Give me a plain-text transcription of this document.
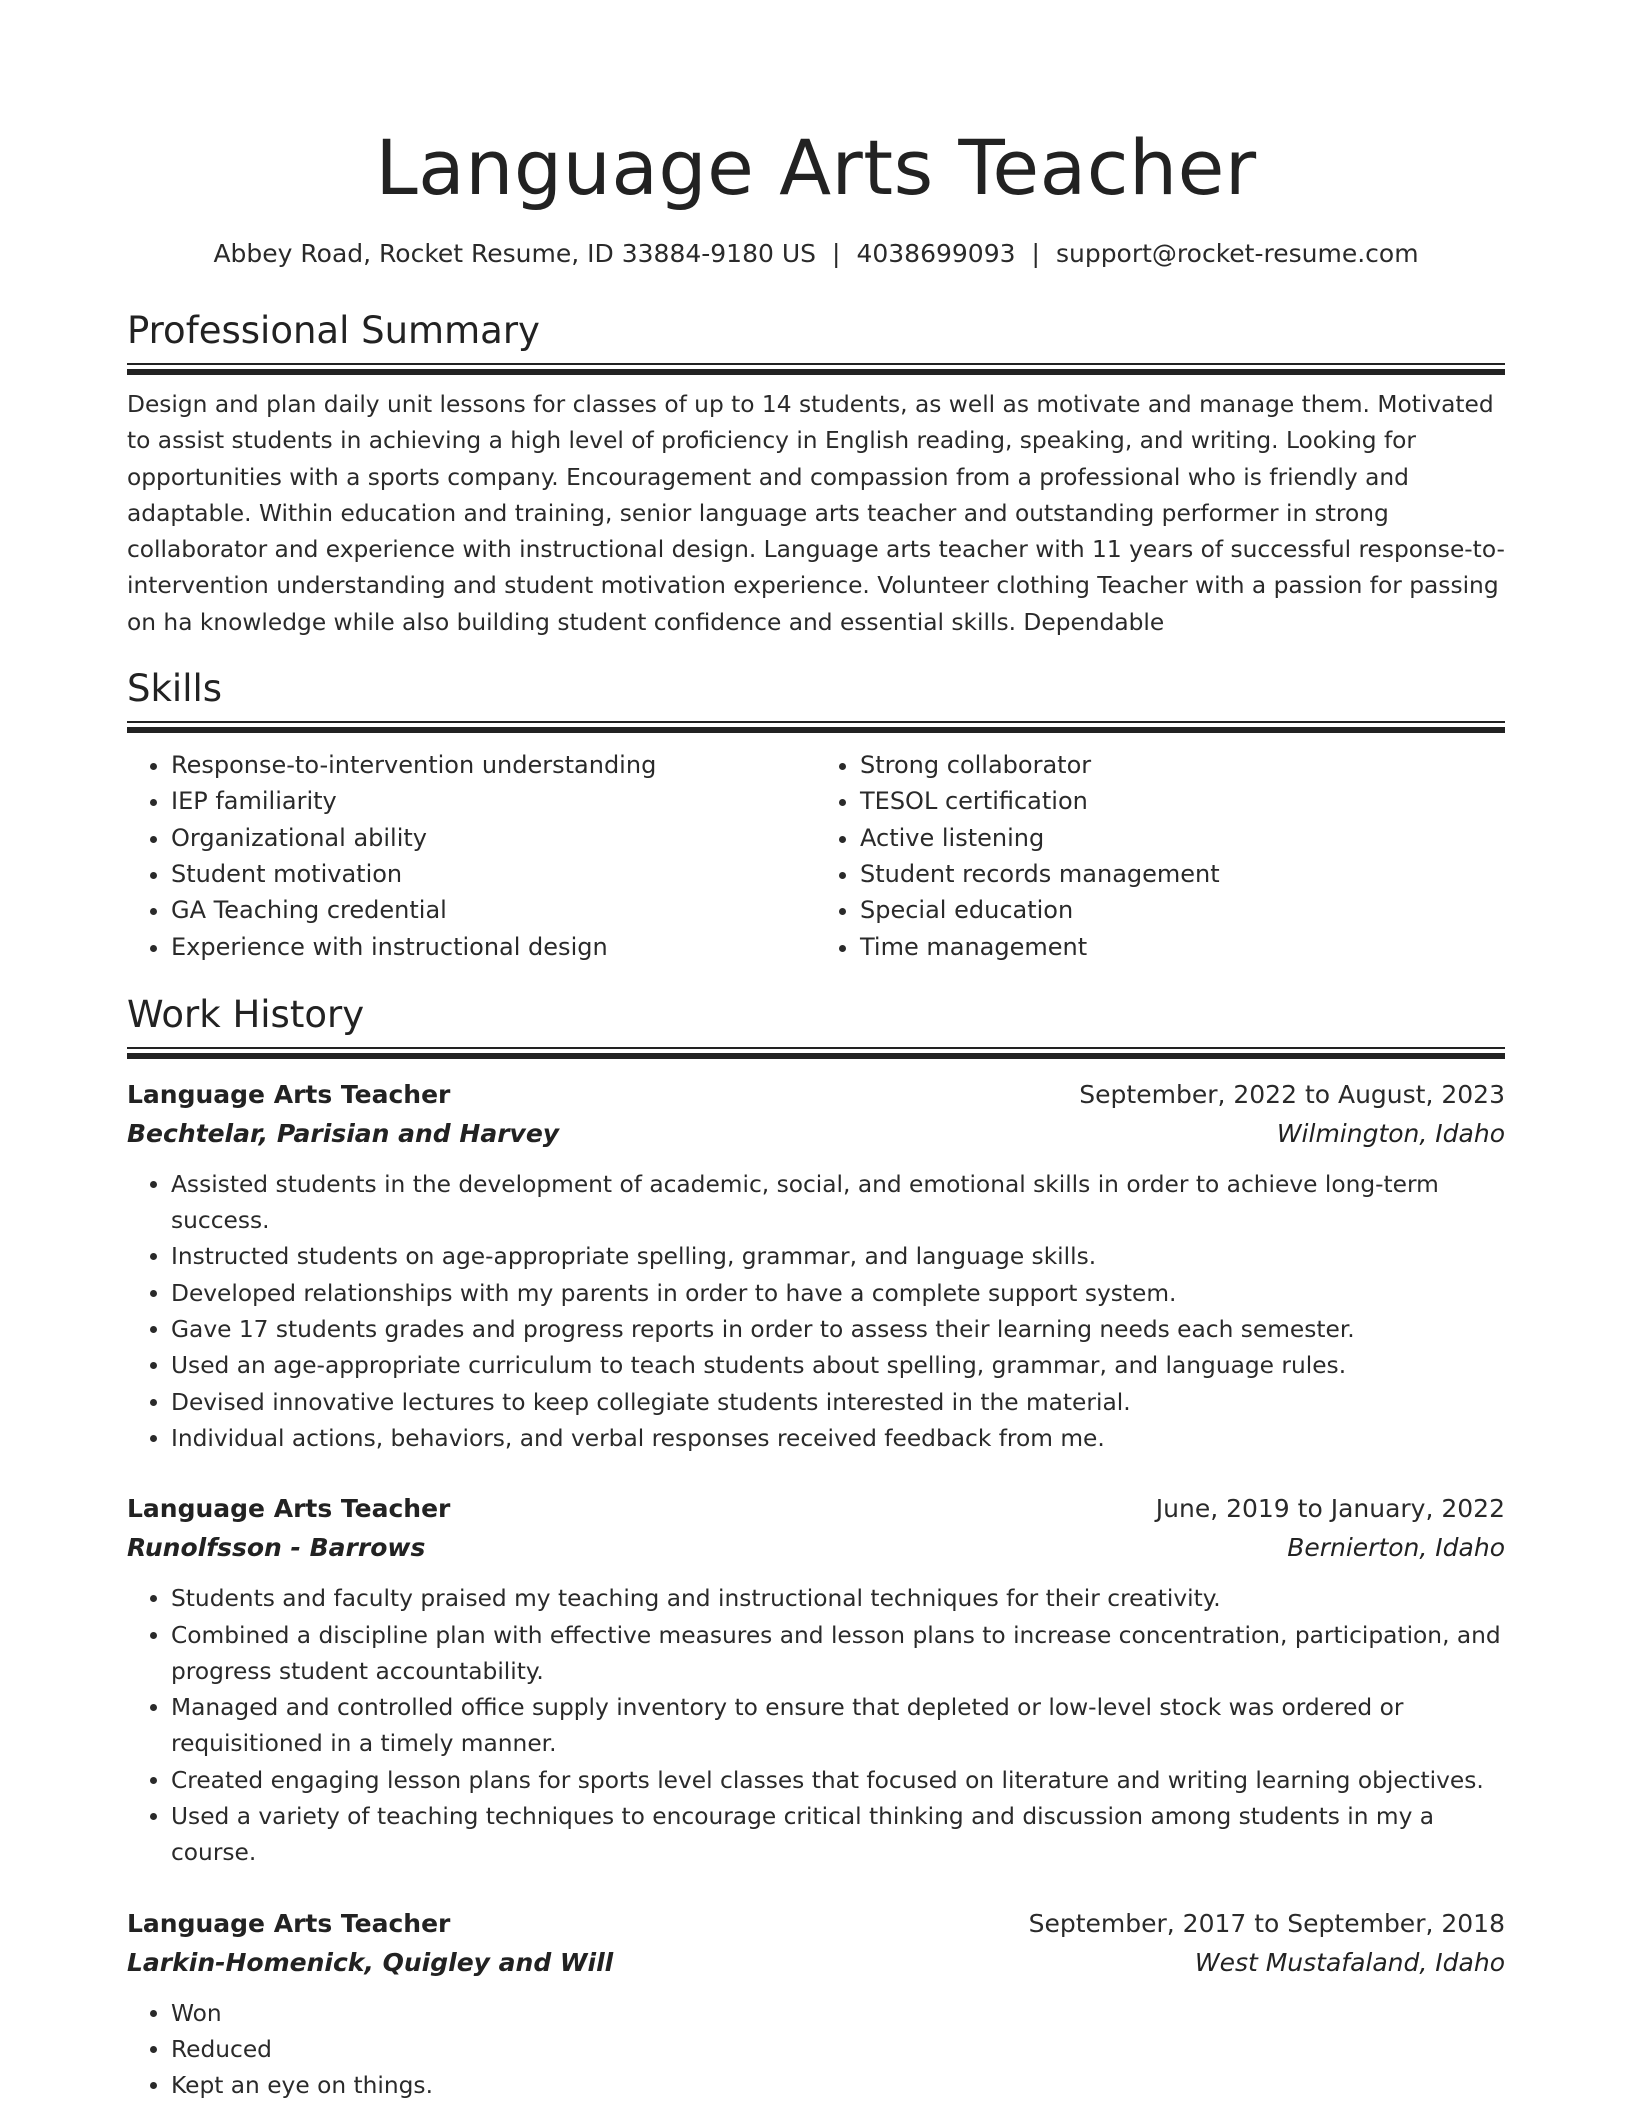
Language Arts Teacher
Abbey Road, Rocket Resume, ID 33884-9180 US | 4038699093 | support@rocket-resume.com
Professional Summary
Design and plan daily unit lessons for classes of up to 14 students, as well as motivate and manage them. Motivated to assist students in achieving a high level of proficiency in English reading, speaking, and writing. Looking for opportunities with a sports company. Encouragement and compassion from a professional who is friendly and adaptable. Within education and training, senior language arts teacher and outstanding performer in strong collaborator and experience with instructional design. Language arts teacher with 11 years of successful response-to-intervention understanding and student motivation experience. Volunteer clothing Teacher with a passion for passing on ha knowledge while also building student confidence and essential skills. Dependable
Skills
• Response-to-intervention understanding
• IEP familiarity
• Organizational ability
• Student motivation
• GA Teaching credential
• Experience with instructional design
• Strong collaborator
• TESOL certification
• Active listening
• Student records management
• Special education
• Time management
Work History
Language Arts Teacher	September, 2022 to August, 2023
Bechtelar, Parisian and Harvey	Wilmington, Idaho
• Assisted students in the development of academic, social, and emotional skills in order to achieve long-term success.
• Instructed students on age-appropriate spelling, grammar, and language skills.
• Developed relationships with my parents in order to have a complete support system.
• Gave 17 students grades and progress reports in order to assess their learning needs each semester.
• Used an age-appropriate curriculum to teach students about spelling, grammar, and language rules.
• Devised innovative lectures to keep collegiate students interested in the material.
• Individual actions, behaviors, and verbal responses received feedback from me.
Language Arts Teacher	June, 2019 to January, 2022
Runolfsson - Barrows	Bernierton, Idaho
• Students and faculty praised my teaching and instructional techniques for their creativity.
• Combined a discipline plan with effective measures and lesson plans to increase concentration, participation, and progress student accountability.
• Managed and controlled office supply inventory to ensure that depleted or low-level stock was ordered or requisitioned in a timely manner.
• Created engaging lesson plans for sports level classes that focused on literature and writing learning objectives.
• Used a variety of teaching techniques to encourage critical thinking and discussion among students in my a course.
Language Arts Teacher	September, 2017 to September, 2018
Larkin-Homenick, Quigley and Will	West Mustafaland, Idaho
• Won
• Reduced
• Kept an eye on things.
